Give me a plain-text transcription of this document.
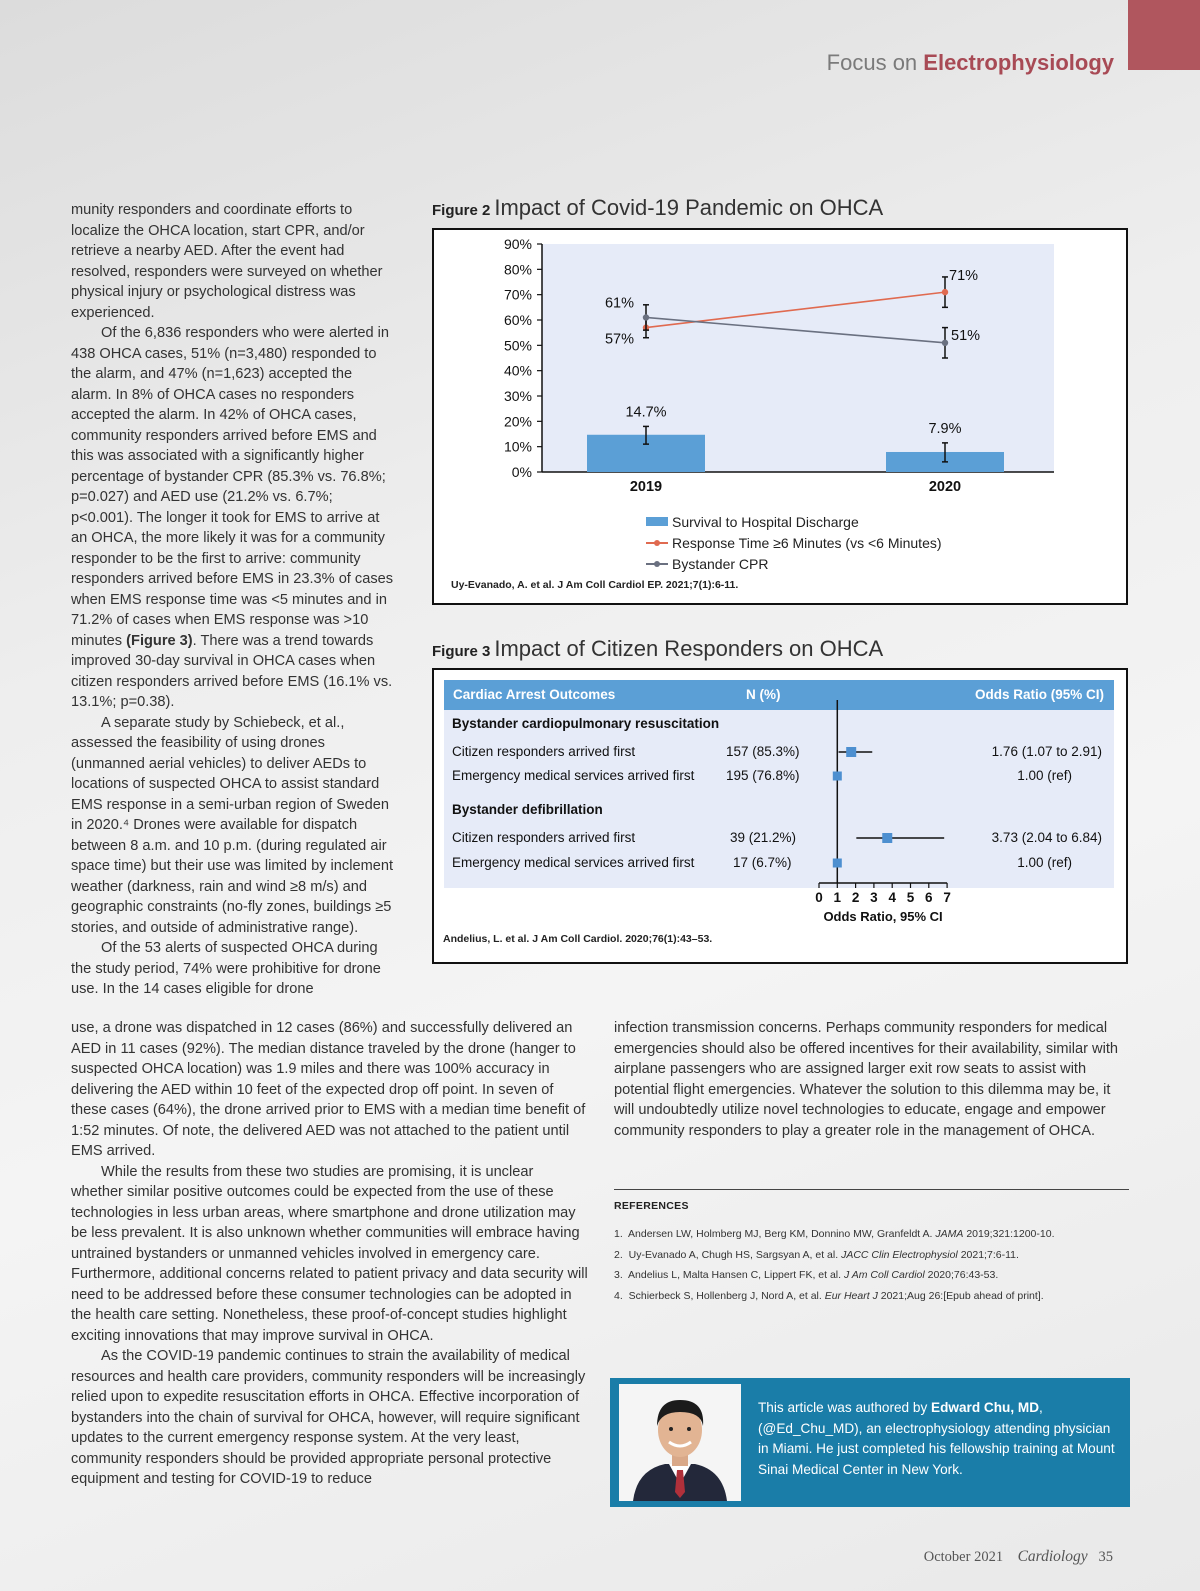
Focus on Electrophysiology

munity responders and coordinate efforts to localize the OHCA location, start CPR, and/or retrieve a nearby AED. After the event had resolved, responders were surveyed on whether physical injury or psychological distress was experienced.

Of the 6,836 responders who were alerted in 438 OHCA cases, 51% (n=3,480) responded to the alarm, and 47% (n=1,623) accepted the alarm. In 8% of OHCA cases no responders accepted the alarm. In 42% of OHCA cases, community responders arrived before EMS and this was associated with a significantly higher percentage of bystander CPR (85.3% vs. 76.8%; p=0.027) and AED use (21.2% vs. 6.7%; p<0.001). The longer it took for EMS to arrive at an OHCA, the more likely it was for a community responder to be the first to arrive: community responders arrived before EMS in 23.3% of cases when EMS response time was <5 minutes and in 71.2% of cases when EMS response was >10 minutes (Figure 3). There was a trend towards improved 30-day survival in OHCA cases when citizen responders arrived before EMS (16.1% vs. 13.1%; p=0.38).

A separate study by Schiebeck, et al., assessed the feasibility of using drones (unmanned aerial vehicles) to deliver AEDs to locations of suspected OHCA to assist standard EMS response in a semi-urban region of Sweden in 2020.⁴ Drones were available for dispatch between 8 a.m. and 10 p.m. (during regulated air space time) but their use was limited by inclement weather (darkness, rain and wind ≥8 m/s) and geographic constraints (no-fly zones, buildings ≥5 stories, and outside of administrative range).

Of the 53 alerts of suspected OHCA during the study period, 74% were prohibitive for drone use. In the 14 cases eligible for drone

Figure 2 Impact of Covid-19 Pandemic on OHCA
0%
10%
20%
30%
40%
50%
60%
70%
80%
90%
2019	2020
14.7%
7.9%
57%
61%
71%
51%
Survival to Hospital Discharge
Response Time ≥6 Minutes (vs <6 Minutes)
Bystander CPR
Uy-Evanado, A. et al. J Am Coll Cardiol EP. 2021;7(1):6-11.
Figure 3 Impact of Citizen Responders on OHCA
Cardiac Arrest Outcomes	N (%)	Odds Ratio (95% CI)
Bystander cardiopulmonary resuscitation
Citizen responders arrived first	157 (85.3%)	1.76 (1.07 to 2.91)
Emergency medical services arrived first 195 (76.8%)	1.00 (ref)
Bystander defibrillation
Citizen responders arrived first	39 (21.2%)	3.73 (2.04 to 6.84)
Emergency medical services arrived first	17 (6.7%)	1.00 (ref)
0 1 2 3 4 5 6 7
Odds Ratio, 95% CI
Andelius, L. et al. J Am Coll Cardiol. 2020;76(1):43–53.

use, a drone was dispatched in 12 cases (86%) and successfully delivered an AED in 11 cases (92%). The median distance traveled by the drone (hanger to suspected OHCA location) was 1.9 miles and there was 100% accuracy in delivering the AED within 10 feet of the expected drop off point. In seven of these cases (64%), the drone arrived prior to EMS with a median time benefit of 1:52 minutes. Of note, the delivered AED was not attached to the patient until EMS arrived.

While the results from these two studies are promising, it is unclear whether similar positive outcomes could be expected from the use of these technologies in less urban areas, where smartphone and drone utilization may be less prevalent. It is also unknown whether communities will embrace having untrained bystanders or unmanned vehicles involved in emergency care. Furthermore, additional concerns related to patient privacy and data security will need to be addressed before these consumer technologies can be adopted in the health care setting. Nonetheless, these proof-of-concept studies highlight exciting innovations that may improve survival in OHCA.

As the COVID-19 pandemic continues to strain the availability of medical resources and health care providers, community responders will be increasingly relied upon to expedite resuscitation efforts in OHCA. Effective incorporation of bystanders into the chain of survival for OHCA, however, will require significant updates to the current emergency response system. At the very least, community responders should be provided appropriate personal protective equipment and testing for COVID-19 to reduce

infection transmission concerns. Perhaps community responders for medical emergencies should also be offered incentives for their availability, similar with airplane passengers who are assigned larger exit row seats to assist with potential flight emergencies. Whatever the solution to this dilemma may be, it will undoubtedly utilize novel technologies to educate, engage and empower community responders to play a greater role in the management of OHCA.

REFERENCES
1. Andersen LW, Holmberg MJ, Berg KM, Donnino MW, Granfeldt A. JAMA 2019;321:1200-10.
2. Uy-Evanado A, Chugh HS, Sargsyan A, et al. JACC Clin Electrophysiol 2021;7:6-11.
3. Andelius L, Malta Hansen C, Lippert FK, et al. J Am Coll Cardiol 2020;76:43-53.
4. Schierbeck S, Hollenberg J, Nord A, et al. Eur Heart J 2021;Aug 26:[Epub ahead of print].
This article was authored by Edward Chu, MD, (@Ed_Chu_MD), an electrophysiology attending physician in Miami. He just completed his fellowship training at Mount Sinai Medical Center in New York.
October 2021 Cardiology 35
